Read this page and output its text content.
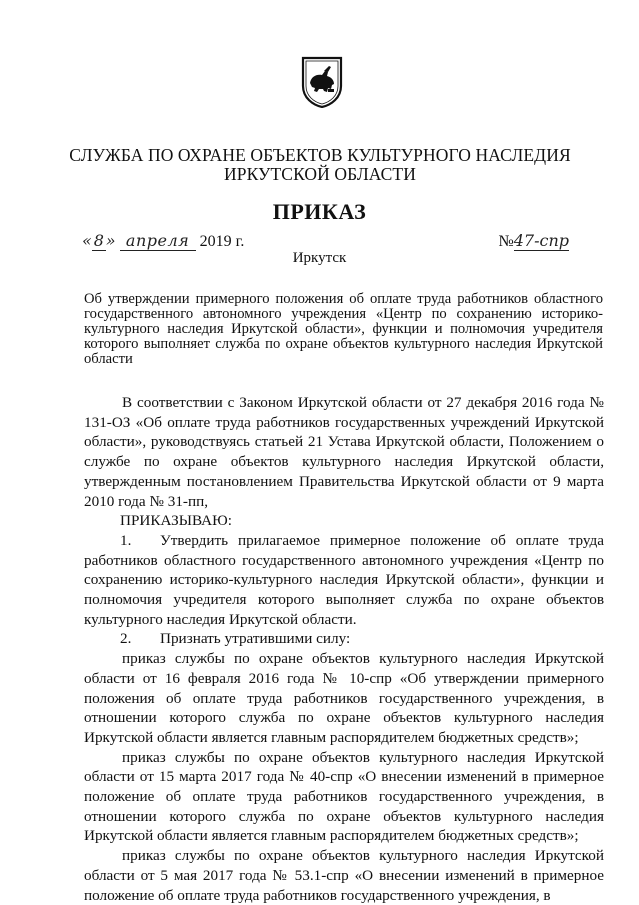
СЛУЖБА ПО ОХРАНЕ ОБЪЕКТОВ КУЛЬТУРНОГО НАСЛЕДИЯ
ИРКУТСКОЙ ОБЛАСТИ
ПРИКАЗ
« 8 » апреля 2019 г.	№47-спр
Иркутск
Об утверждении примерного положения об оплате труда работников областного государственного автономного учреждения «Центр по сохранению историко-культурного наследия Иркутской области», функции и полномочия учредителя которого выполняет служба по охране объектов культурного наследия Иркутской области

В соответствии с Законом Иркутской области от 27 декабря 2016 года № 131-ОЗ «Об оплате труда работников государственных учреждений Иркутской области», руководствуясь статьей 21 Устава Иркутской области, Положением о службе по охране объектов культурного наследия Иркутской области, утвержденным постановлением Правительства Иркутской области от 9 марта 2010 года № 31-пп,

ПРИКАЗЫВАЮ:

1. Утвердить прилагаемое примерное положение об оплате труда работников областного государственного автономного учреждения «Центр по сохранению историко-культурного наследия Иркутской области», функции и полномочия учредителя которого выполняет служба по охране объектов культурного наследия Иркутской области.

2. Признать утратившими силу:

приказ службы по охране объектов культурного наследия Иркутской области от 16 февраля 2016 года № 10-спр «Об утверждении примерного положения об оплате труда работников государственного учреждения, в отношении которого служба по охране объектов культурного наследия Иркутской области является главным распорядителем бюджетных средств»;

приказ службы по охране объектов культурного наследия Иркутской области от 15 марта 2017 года № 40-спр «О внесении изменений в примерное положение об оплате труда работников государственного учреждения, в отношении которого служба по охране объектов культурного наследия Иркутской области является главным распорядителем бюджетных средств»;

приказ службы по охране объектов культурного наследия Иркутской области от 5 мая 2017 года № 53.1-спр «О внесении изменений в примерное положение об оплате труда работников государственного учреждения, в
